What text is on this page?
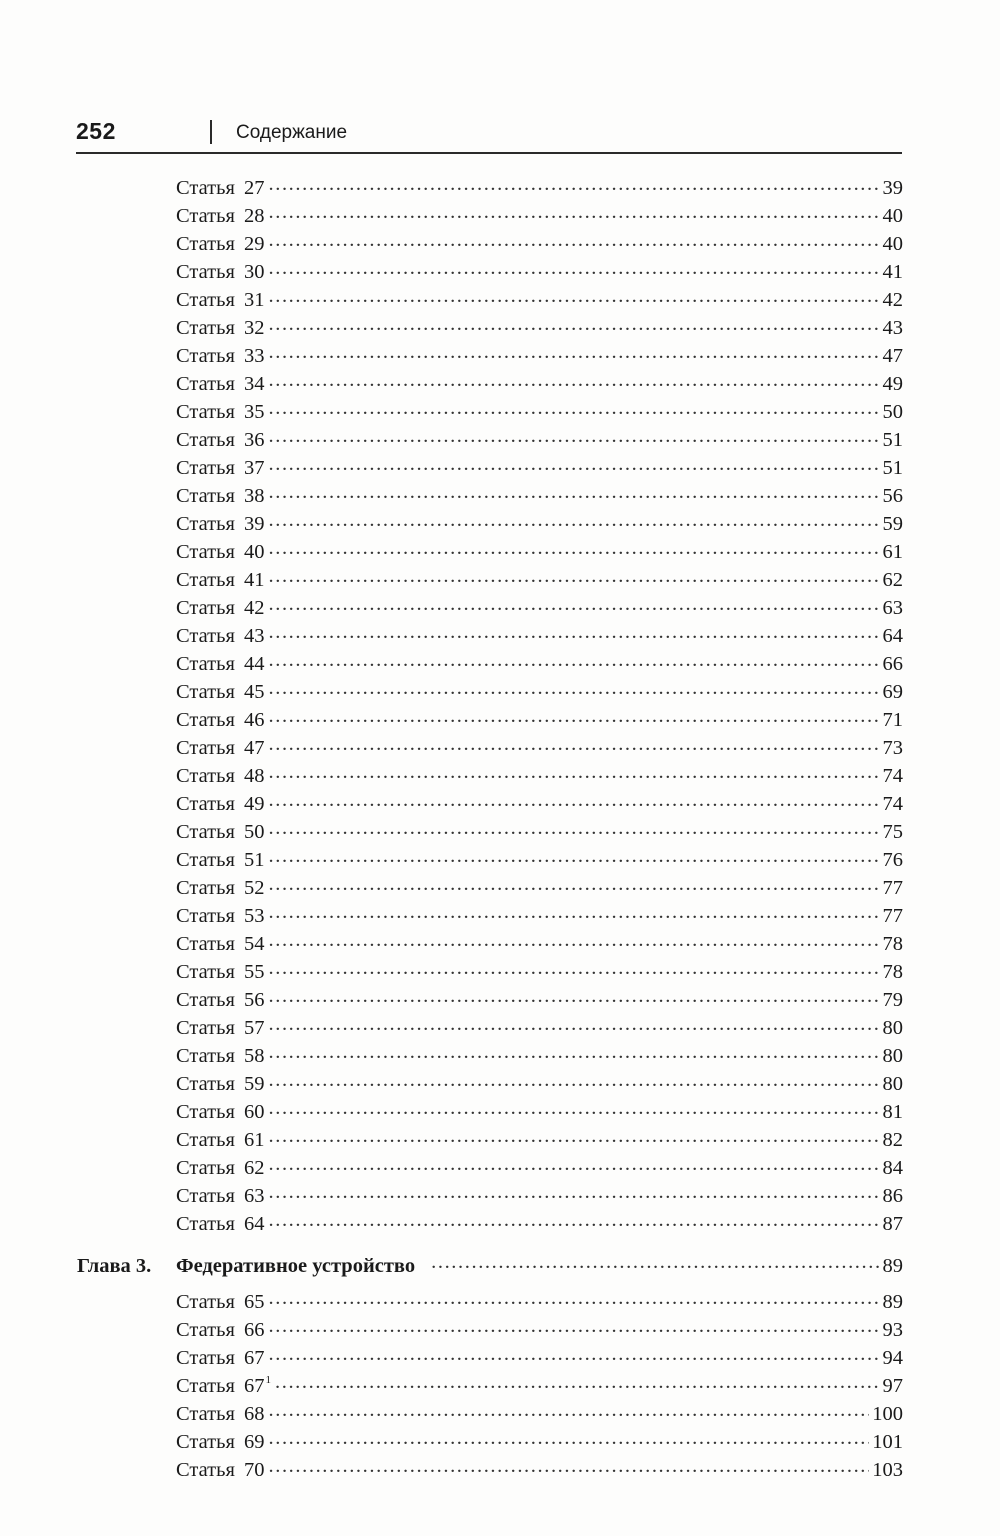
252	Содержание
Статья 27 .....	39
Статья 28 .....	40
Статья 29 .....	40
Статья 30 .....	41
Статья 31 .....	42
Статья 32 .....	43
Статья 33 .....	47
Статья 34 .....	49
Статья 35 .....	50
Статья 36 .....	51
Статья 37 .....	51
Статья 38 .....	56
Статья 39 .....	59
Статья 40 .....	61
Статья 41 .....	62
Статья 42 .....	63
Статья 43 .....	64
Статья 44 .....	66
Статья 45 .....	69
Статья 46 .....	71
Статья 47 .....	73
Статья 48 .....	74
Статья 49 .....	74
Статья 50 .....	75
Статья 51 .....	76
Статья 52 .....	77
Статья 53 .....	77
Статья 54 .....	78
Статья 55 .....	78
Статья 56 .....	79
Статья 57 .....	80
Статья 58 .....	80
Статья 59 .....	80
Статья 60 .....	81
Статья 61 .....	82
Статья 62 .....	84
Статья 63 .....	86
Статья 64 .....	87
Глава 3.	Федеративное устройство .....	89
Статья 65 .....	89
Статья 66 .....	93
Статья 67 .....	94
Статья $67^1$ .....	97
Статья 68 .....	100
Статья 69 .....	101
Статья 70 .....	103
